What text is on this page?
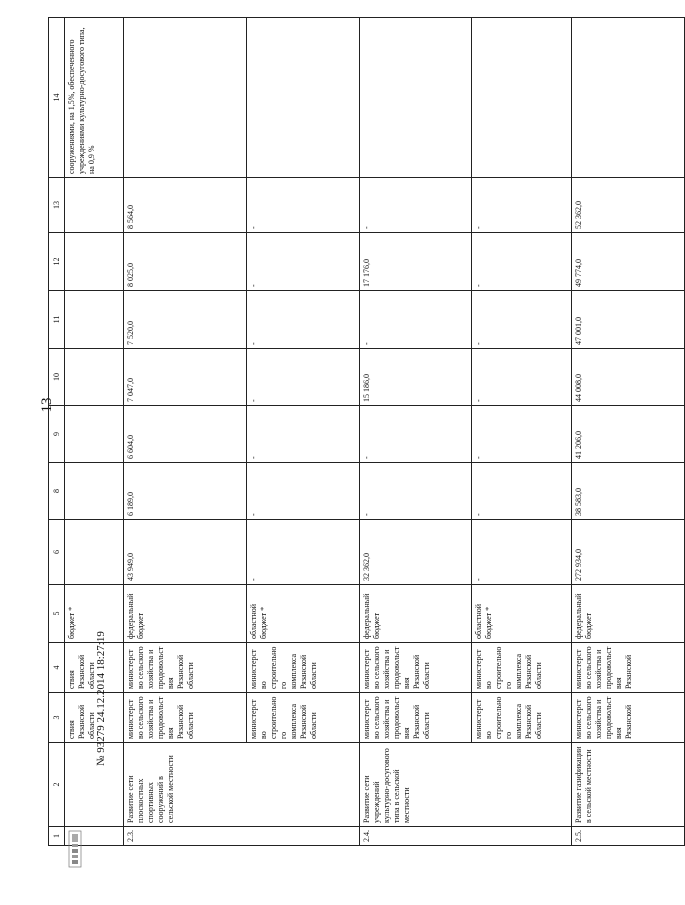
13
1	2	3	4	5	6	8	9	10	11	12	13	14
		ствия Рязанской области	ствия Рязанской области	бюджет *								сооружениями, на 1,5%, обеспеченного учреждениями культурно-досугового типа, на 0,9 %
2.3.	Развитие сети плоскостных спортивных сооружений в сельской местности	министерство сельского хозяйства и продовольствия Рязанской области	министерство сельского хозяйства и продовольствия Рязанской области	федеральный бюджет	43 949,0	6 189,0	6 604,0	7 047,0	7 520,0	8 025,0	8 564,0	
		министерство строительного комплекса Рязанской области	министерство строительного комплекса Рязанской области	областной бюджет *	-	-	-	-	-	-	-	
2.4.	Развитие сети учреждений культурно-досугового типа в сельской местности	министерство сельского хозяйства и продовольствия Рязанской области	министерство сельского хозяйства и продовольствия Рязанской области	федеральный бюджет	32 362,0	-	-	15 186,0	-	17 176,0	-	
		министерство строительного комплекса Рязанской области	министерство строительного комплекса Рязанской области	областной бюджет *	-	-	-	-	-	-	-	
2.5.	Развитие газификации в сельской местности	министерство сельского хозяйства и продовольствия Рязанской	министерство сельского хозяйства и продовольствия Рязанской	федеральный бюджет	272 934,0	38 583,0	41 206,0	44 008,0	47 001,0	49 774,0	52 362,0	
№ 93279 24.12.2014 18:27:19
